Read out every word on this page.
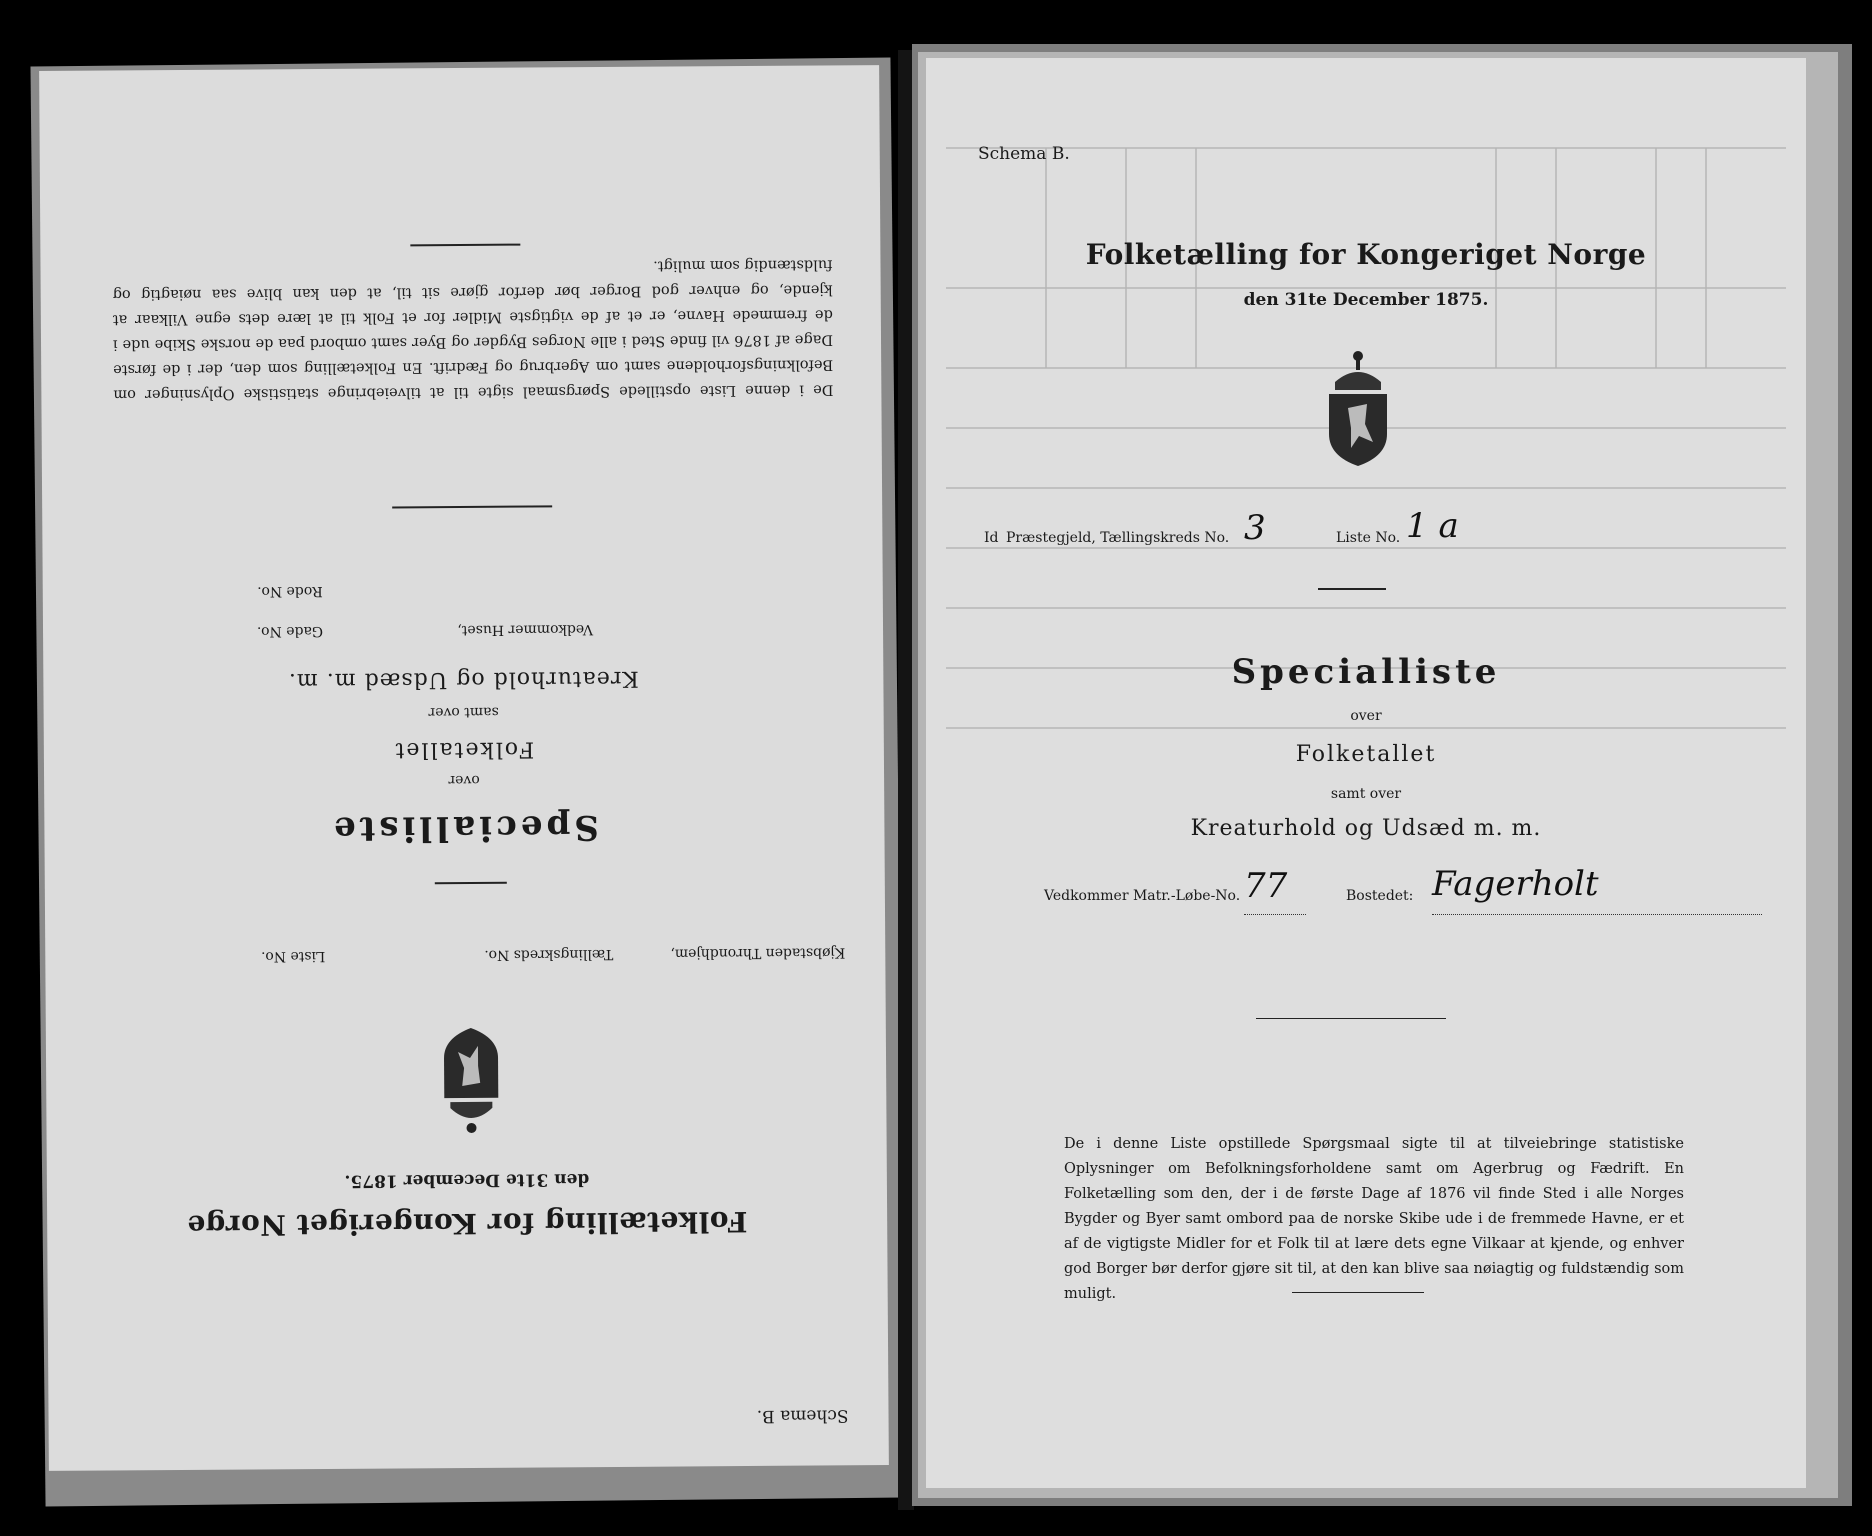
Schema B.
Folketælling for Kongeriget Norge
den 31te December 1875.
Kjøbstaden Throndhjem,
Tællingskreds No.
Liste No.
Specialliste
over
Folketallet
samt over
Kreaturhold og Udsæd m. m.
Vedkommer Huset,
Gade No.
Rode No.
De i denne Liste opstillede Spørgsmaal sigte til at tilveiebringe statistiske Oplysninger om Befolkningsforholdene samt om Agerbrug og Fædrift. En Folketælling som den, der i de første Dage af 1876 vil finde Sted i alle Norges Bygder og Byer samt ombord paa de norske Skibe ude i de fremmede Havne, er et af de vigtigste Midler for et Folk til at lære dets egne Vilkaar at kjende, og enhver god Borger bør derfor gjøre sit til, at den kan blive saa nøiagtig og fuldstændig som muligt.
Schema B.
Folketælling for Kongeriget Norge
den 31te December 1875.
Id Præstegjeld, Tællingskreds No. 3	Liste No. 1 a
Specialliste
over
Folketallet
samt over
Kreaturhold og Udsæd m. m.
Vedkommer Matr.-Løbe-No. 77	Bostedet: Fagerholt
De i denne Liste opstillede Spørgsmaal sigte til at tilveiebringe statistiske Oplysninger om Befolkningsforholdene samt om Agerbrug og Fædrift. En Folketælling som den, der i de første Dage af 1876 vil finde Sted i alle Norges Bygder og Byer samt ombord paa de norske Skibe ude i de fremmede Havne, er et af de vigtigste Midler for et Folk til at lære dets egne Vilkaar at kjende, og enhver god Borger bør derfor gjøre sit til, at den kan blive saa nøiagtig og fuldstændig som muligt.
